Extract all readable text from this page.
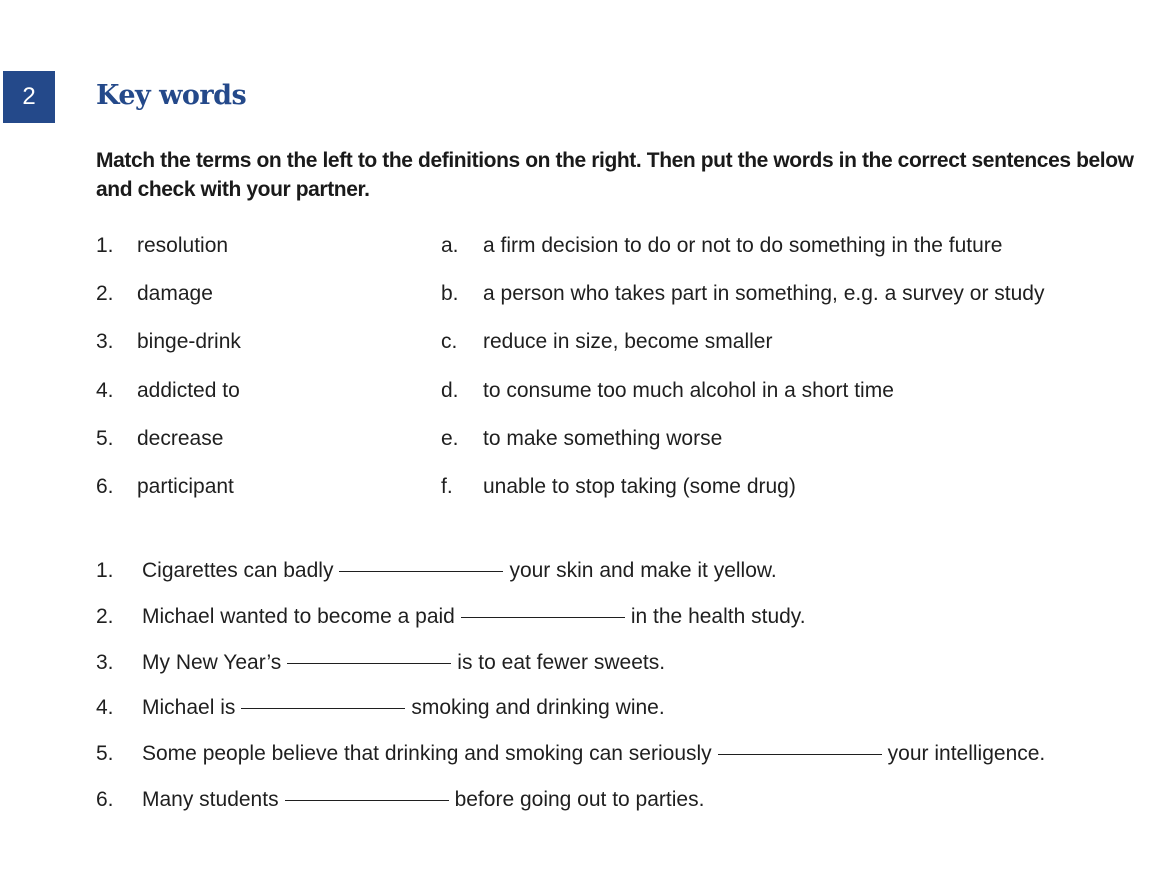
2	Key words

Match the terms on the left to the definitions on the right. Then put the words in the correct sentences below and check with your partner.

1. resolution	a. a firm decision to do or not to do something in the future
2. damage	b. a person who takes part in something, e.g. a survey or study
3. binge-drink	c. reduce in size, become smaller
4. addicted to	d. to consume too much alcohol in a short time
5. decrease	e. to make something worse
6. participant	f. unable to stop taking (some drug)
1. Cigarettes can badly	your skin and make it yellow.
2. Michael wanted to become a paid	in the health study.
3. My New Year’s	is to eat fewer sweets.
4. Michael is	smoking and drinking wine.
5. Some people believe that drinking and smoking can seriously	your intelligence.
6. Many students	before going out to parties.
